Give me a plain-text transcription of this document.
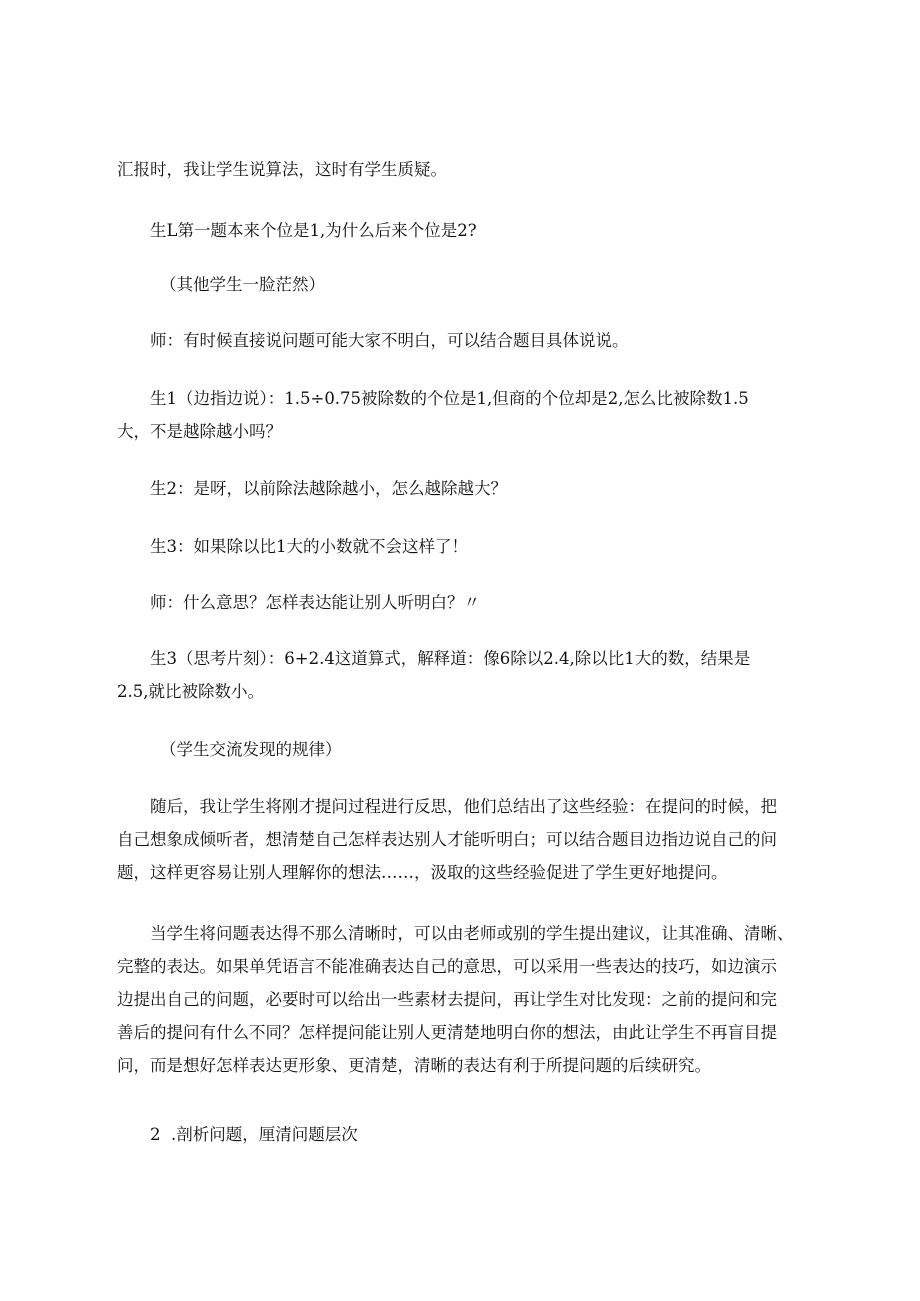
汇报时，我让学生说算法，这时有学生质疑。

生L第一题本来个位是1,为什么后来个位是2?

（其他学生一脸茫然）

师：有时候直接说问题可能大家不明白，可以结合题目具体说说。

生1（边指边说）：1.5÷0.75被除数的个位是1,但商的个位却是2,怎么比被除数1.5
大，不是越除越小吗？

生2：是呀，以前除法越除越小，怎么越除越大？

生3：如果除以比1大的小数就不会这样了！

师：什么意思？怎样表达能让别人听明白？〃

生3（思考片刻）：6+2.4这道算式，解释道：像6除以2.4,除以比1大的数，结果是
2.5,就比被除数小。

（学生交流发现的规律）

随后，我让学生将刚才提问过程进行反思，他们总结出了这些经验：在提问的时候，把
自己想象成倾听者，想清楚自己怎样表达别人才能听明白；可以结合题目边指边说自己的问
题，这样更容易让别人理解你的想法……，汲取的这些经验促进了学生更好地提问。

当学生将问题表达得不那么清晰时，可以由老师或别的学生提出建议，让其准确、清晰、
完整的表达。如果单凭语言不能准确表达自己的意思，可以采用一些表达的技巧，如边演示
边提出自己的问题，必要时可以给出一些素材去提问，再让学生对比发现：之前的提问和完
善后的提问有什么不同？怎样提问能让别人更清楚地明白你的想法，由此让学生不再盲目提
问，而是想好怎样表达更形象、更清楚，清晰的表达有利于所提问题的后续研究。

2  .剖析问题，厘清问题层次
